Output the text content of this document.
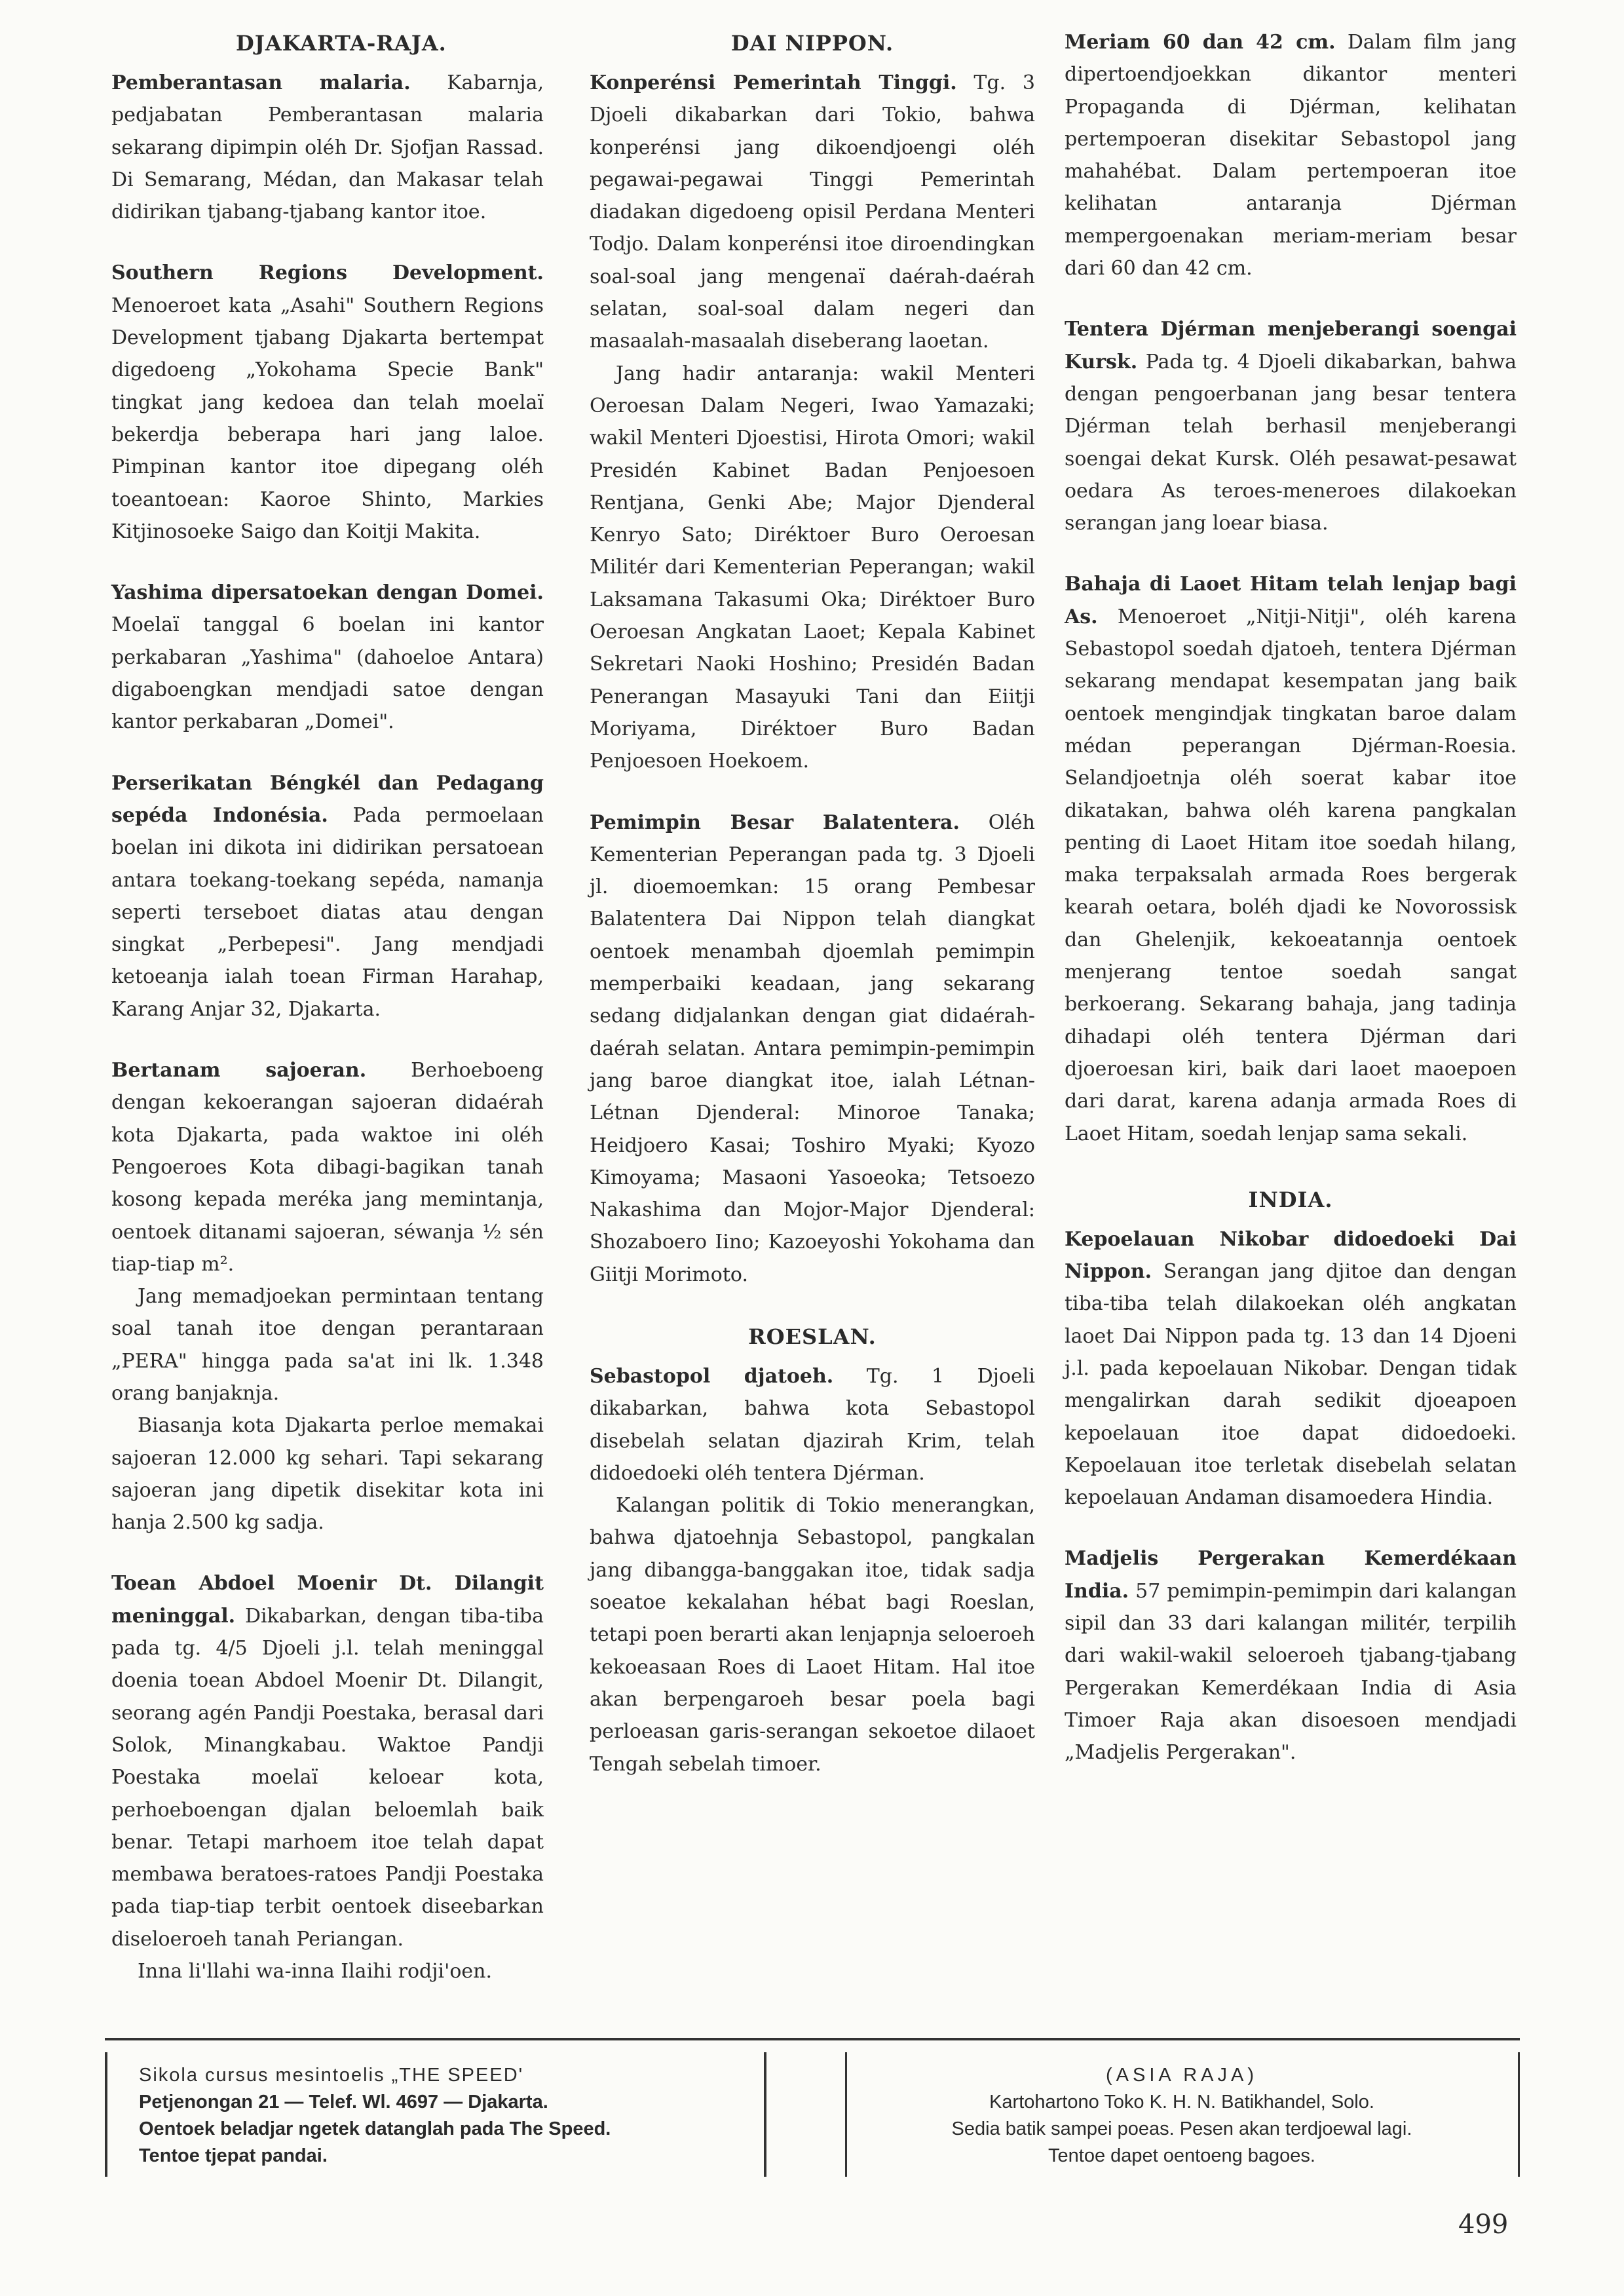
DJAKARTA-RAJA.

Pemberantasan malaria. Kabarnja, pedjabatan Pemberantasan malaria sekarang dipimpin oléh Dr. Sjofjan Rassad. Di Semarang, Médan, dan Makasar telah didirikan tjabang-tjabang kantor itoe.

Southern Regions Development. Menoeroet kata „Asahi" Southern Regions Development tjabang Djakarta bertempat digedoeng „Yokohama Specie Bank" tingkat jang kedoea dan telah moelaï bekerdja beberapa hari jang laloe. Pimpinan kantor itoe dipegang oléh toeantoean: Kaoroe Shinto, Markies Kitjinosoeke Saigo dan Koitji Makita.

Yashima dipersatoekan dengan Domei. Moelaï tanggal 6 boelan ini kantor perkabaran „Yashima" (dahoeloe Antara) digaboengkan mendjadi satoe dengan kantor perkabaran „Domei".

Perserikatan Béngkél dan Pedagang sepéda Indonésia. Pada permoelaan boelan ini dikota ini didirikan persatoean antara toekang-toekang sepéda, namanja seperti terseboet diatas atau dengan singkat „Perbepesi". Jang mendjadi ketoeanja ialah toean Firman Harahap, Karang Anjar 32, Djakarta.

Bertanam sajoeran. Berhoeboeng dengan kekoerangan sajoeran didaérah kota Djakarta, pada waktoe ini oléh Pengoeroes Kota dibagi-bagikan tanah kosong kepada meréka jang memintanja, oentoek ditanami sajoeran, séwanja ½ sén tiap-tiap m².

Jang memadjoekan permintaan tentang soal tanah itoe dengan perantaraan „PERA" hingga pada sa'at ini lk. 1.348 orang banjaknja.

Biasanja kota Djakarta perloe memakai sajoeran 12.000 kg sehari. Tapi sekarang sajoeran jang dipetik disekitar kota ini hanja 2.500 kg sadja.

Toean Abdoel Moenir Dt. Dilangit meninggal. Dikabarkan, dengan tiba-tiba pada tg. 4/5 Djoeli j.l. telah meninggal doenia toean Abdoel Moenir Dt. Dilangit, seorang agén Pandji Poestaka, berasal dari Solok, Minangkabau. Waktoe Pandji Poestaka moelaï keloear kota, perhoeboengan djalan beloemlah baik benar. Tetapi marhoem itoe telah dapat membawa beratoes-ratoes Pandji Poestaka pada tiap-tiap terbit oentoek diseebarkan diseloeroeh tanah Periangan.

Inna li'llahi wa-inna Ilaihi rodji'oen.

DAI NIPPON.

Konperénsi Pemerintah Tinggi. Tg. 3 Djoeli dikabarkan dari Tokio, bahwa konperénsi jang dikoendjoengi oléh pegawai-pegawai Tinggi Pemerintah diadakan digedoeng opisil Perdana Menteri Todjo. Dalam konperénsi itoe diroendingkan soal-soal jang mengenaï daérah-daérah selatan, soal-soal dalam negeri dan masaalah-masaalah diseberang laoetan.

Jang hadir antaranja: wakil Menteri Oeroesan Dalam Negeri, Iwao Yamazaki; wakil Menteri Djoestisi, Hirota Omori; wakil Presidén Kabinet Badan Penjoesoen Rentjana, Genki Abe; Major Djenderal Kenryo Sato; Diréktoer Buro Oeroesan Militér dari Kementerian Peperangan; wakil Laksamana Takasumi Oka; Diréktoer Buro Oeroesan Angkatan Laoet; Kepala Kabinet Sekretari Naoki Hoshino; Presidén Badan Penerangan Masayuki Tani dan Eiitji Moriyama, Diréktoer Buro Badan Penjoesoen Hoekoem.

Pemimpin Besar Balatentera. Oléh Kementerian Peperangan pada tg. 3 Djoeli jl. dioemoemkan: 15 orang Pembesar Balatentera Dai Nippon telah diangkat oentoek menambah djoemlah pemimpin memperbaiki keadaan, jang sekarang sedang didjalankan dengan giat didaérah-daérah selatan. Antara pemimpin-pemimpin jang baroe diangkat itoe, ialah Létnan-Létnan Djenderal: Minoroe Tanaka; Heidjoero Kasai; Toshiro Myaki; Kyozo Kimoyama; Masaoni Yasoeoka; Tetsoezo Nakashima dan Mojor-Major Djenderal: Shozaboero Iino; Kazoeyoshi Yokohama dan Giitji Morimoto.

ROESLAN.

Sebastopol djatoeh. Tg. 1 Djoeli dikabarkan, bahwa kota Sebastopol disebelah selatan djazirah Krim, telah didoedoeki oléh tentera Djérman.

Kalangan politik di Tokio menerangkan, bahwa djatoehnja Sebastopol, pangkalan jang dibangga-banggakan itoe, tidak sadja soeatoe kekalahan hébat bagi Roeslan, tetapi poen berarti akan lenjapnja seloeroeh kekoeasaan Roes di Laoet Hitam. Hal itoe akan berpengaroeh besar poela bagi perloeasan garis-serangan sekoetoe dilaoet Tengah sebelah timoer.

Meriam 60 dan 42 cm. Dalam film jang dipertoendjoekkan dikantor menteri Propaganda di Djérman, kelihatan pertempoeran disekitar Sebastopol jang mahahébat. Dalam pertempoeran itoe kelihatan antaranja Djérman mempergoenakan meriam-meriam besar dari 60 dan 42 cm.

Tentera Djérman menjeberangi soengai Kursk. Pada tg. 4 Djoeli dikabarkan, bahwa dengan pengoerbanan jang besar tentera Djérman telah berhasil menjeberangi soengai dekat Kursk. Oléh pesawat-pesawat oedara As teroes-meneroes dilakoekan serangan jang loear biasa.

Bahaja di Laoet Hitam telah lenjap bagi As. Menoeroet „Nitji-Nitji", oléh karena Sebastopol soedah djatoeh, tentera Djérman sekarang mendapat kesempatan jang baik oentoek mengindjak tingkatan baroe dalam médan peperangan Djérman-Roesia. Selandjoetnja oléh soerat kabar itoe dikatakan, bahwa oléh karena pangkalan penting di Laoet Hitam itoe soedah hilang, maka terpaksalah armada Roes bergerak kearah oetara, boléh djadi ke Novorossisk dan Ghelenjik, kekoeatannja oentoek menjerang tentoe soedah sangat berkoerang. Sekarang bahaja, jang tadinja dihadapi oléh tentera Djérman dari djoeroesan kiri, baik dari laoet maoepoen dari darat, karena adanja armada Roes di Laoet Hitam, soedah lenjap sama sekali.

INDIA.

Kepoelauan Nikobar didoedoeki Dai Nippon. Serangan jang djitoe dan dengan tiba-tiba telah dilakoekan oléh angkatan laoet Dai Nippon pada tg. 13 dan 14 Djoeni j.l. pada kepoelauan Nikobar. Dengan tidak mengalirkan darah sedikit djoeapoen kepoelauan itoe dapat didoedoeki. Kepoelauan itoe terletak disebelah selatan kepoelauan Andaman disamoedera Hindia.

Madjelis Pergerakan Kemerdékaan India. 57 pemimpin-pemimpin dari kalangan sipil dan 33 dari kalangan militér, terpilih dari wakil-wakil seloeroeh tjabang-tjabang Pergerakan Kemerdékaan India di Asia Timoer Raja akan disoesoen mendjadi „Madjelis Pergerakan".

Sikola cursus mesintoelis „THE SPEED'
Petjenongan 21 — Telef. Wl. 4697 — Djakarta.
Oentoek beladjar ngetek datanglah pada The Speed.
Tentoe tjepat pandai.
(ASIA RAJA)
Kartohartono Toko K. H. N. Batikhandel, Solo.
Sedia batik sampei poeas. Pesen akan terdjoewal lagi.
Tentoe dapet oentoeng bagoes.
499
